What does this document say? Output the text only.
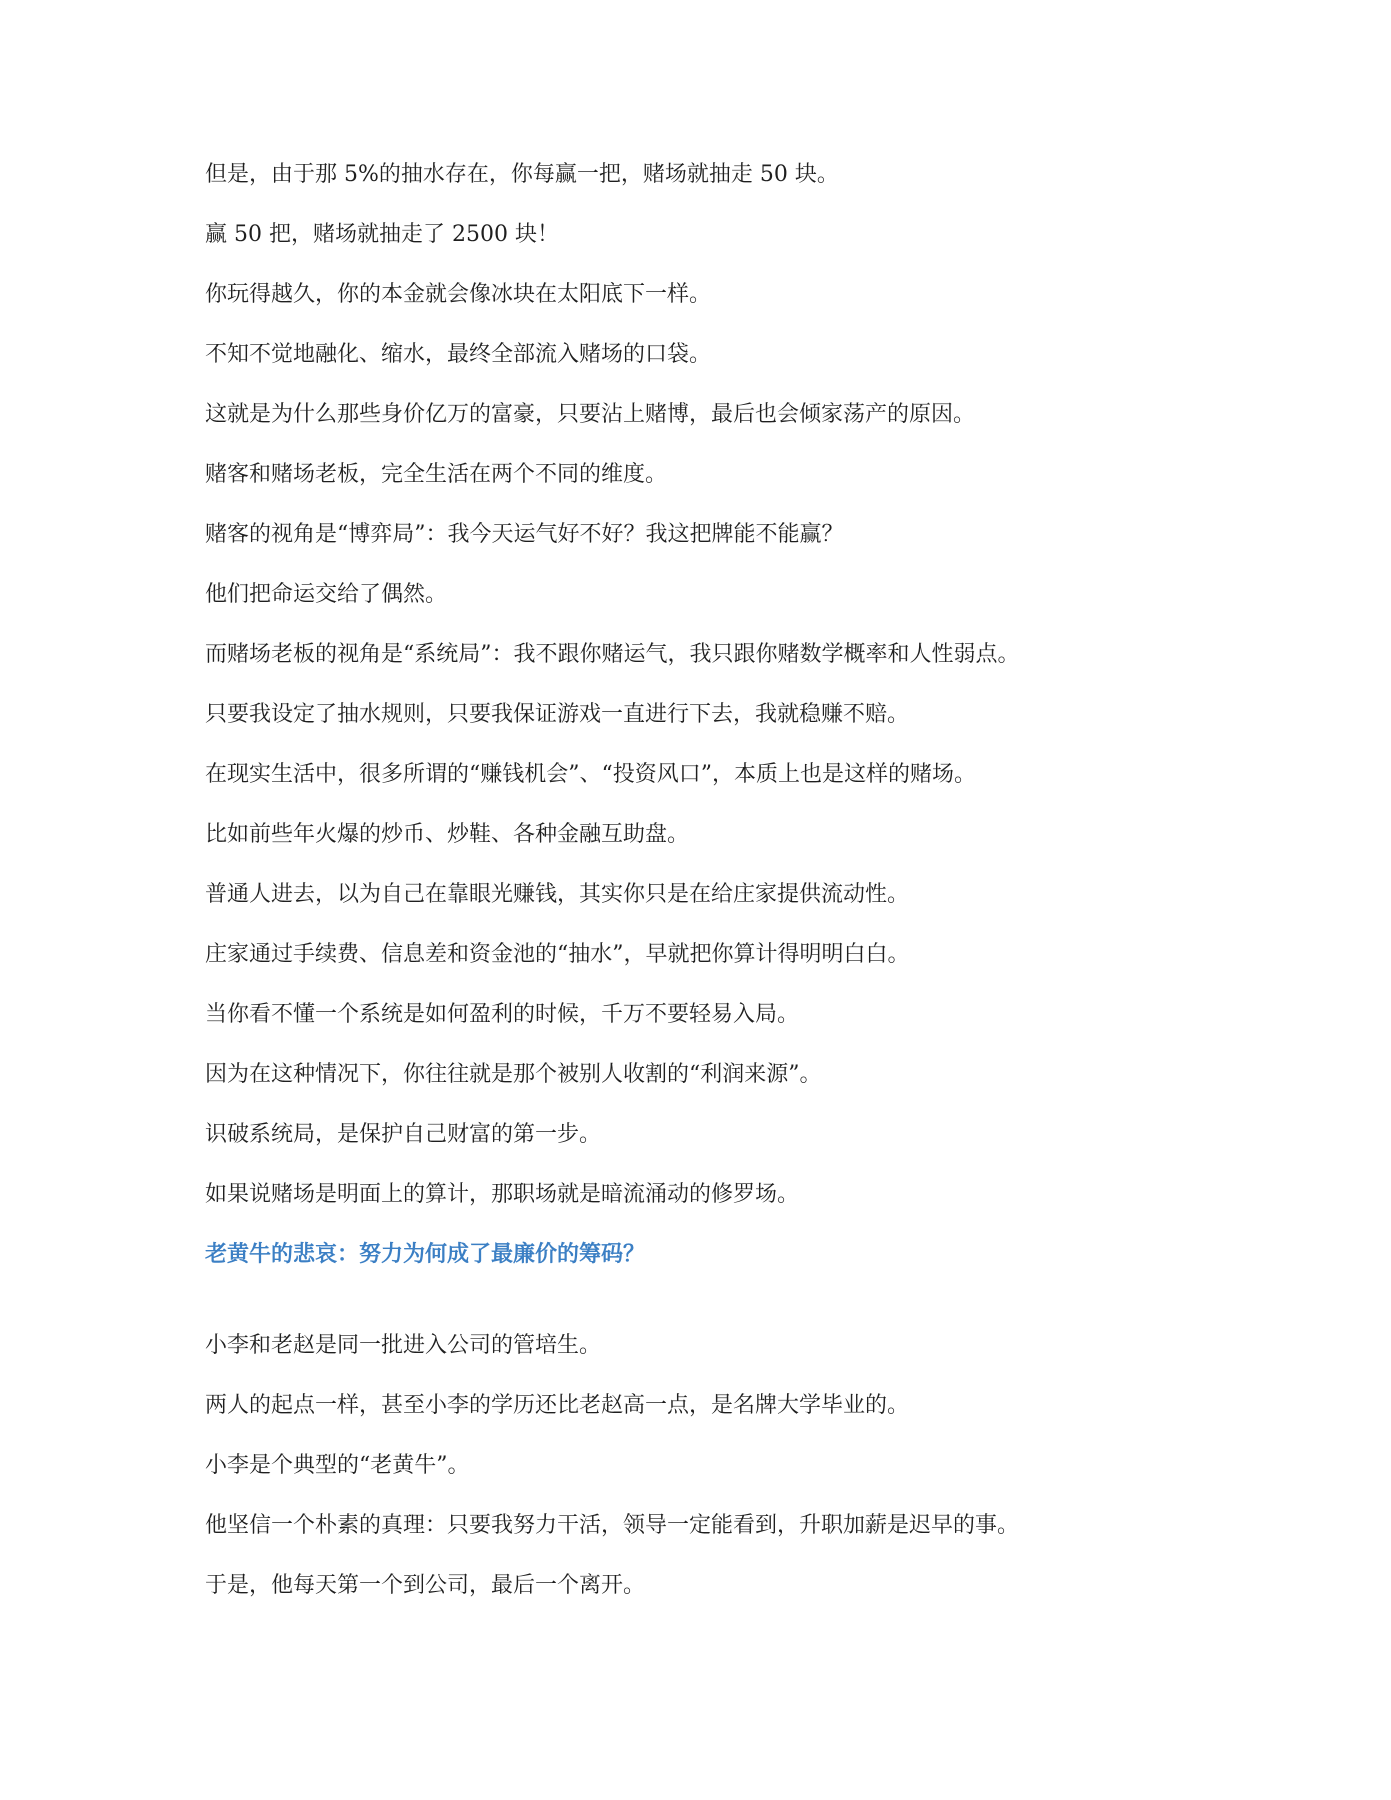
但是，由于那 5%的抽水存在，你每赢一把，赌场就抽走 50 块。

赢 50 把，赌场就抽走了 2500 块！

你玩得越久，你的本金就会像冰块在太阳底下一样。

不知不觉地融化、缩水，最终全部流入赌场的口袋。

这就是为什么那些身价亿万的富豪，只要沾上赌博，最后也会倾家荡产的原因。

赌客和赌场老板，完全生活在两个不同的维度。

赌客的视角是“博弈局”：我今天运气好不好？我这把牌能不能赢？

他们把命运交给了偶然。

而赌场老板的视角是“系统局”：我不跟你赌运气，我只跟你赌数学概率和人性弱点。

只要我设定了抽水规则，只要我保证游戏一直进行下去，我就稳赚不赔。

在现实生活中，很多所谓的“赚钱机会”、“投资风口”，本质上也是这样的赌场。

比如前些年火爆的炒币、炒鞋、各种金融互助盘。

普通人进去，以为自己在靠眼光赚钱，其实你只是在给庄家提供流动性。

庄家通过手续费、信息差和资金池的“抽水”，早就把你算计得明明白白。

当你看不懂一个系统是如何盈利的时候，千万不要轻易入局。

因为在这种情况下，你往往就是那个被别人收割的“利润来源”。

识破系统局，是保护自己财富的第一步。

如果说赌场是明面上的算计，那职场就是暗流涌动的修罗场。

老黄牛的悲哀：努力为何成了最廉价的筹码？

小李和老赵是同一批进入公司的管培生。

两人的起点一样，甚至小李的学历还比老赵高一点，是名牌大学毕业的。

小李是个典型的“老黄牛”。

他坚信一个朴素的真理：只要我努力干活，领导一定能看到，升职加薪是迟早的事。

于是，他每天第一个到公司，最后一个离开。
